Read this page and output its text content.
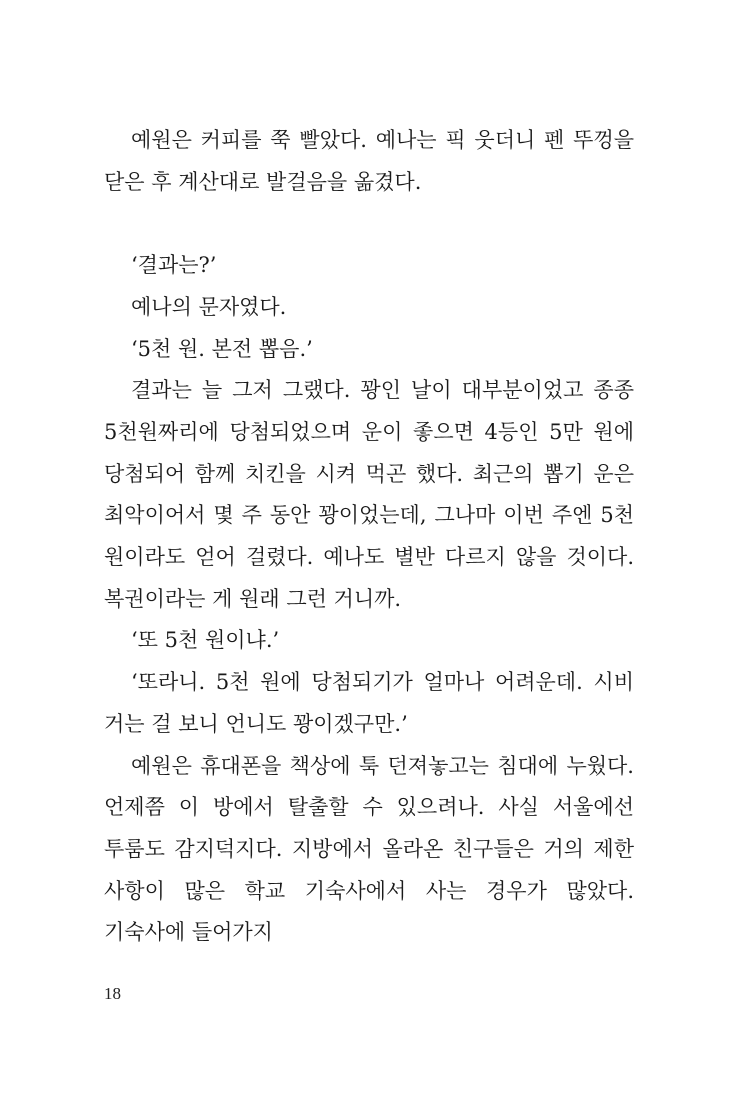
예원은 커피를 쭉 빨았다. 예나는 픽 웃더니 펜 뚜껑을 닫은 후 계산대로 발걸음을 옮겼다.

‘결과는?’

예나의 문자였다.

‘5천 원. 본전 뽑음.’

결과는 늘 그저 그랬다. 꽝인 날이 대부분이었고 종종 5천원짜리에 당첨되었으며 운이 좋으면 4등인 5만 원에 당첨되어 함께 치킨을 시켜 먹곤 했다. 최근의 뽑기 운은 최악이어서 몇 주 동안 꽝이었는데, 그나마 이번 주엔 5천 원이라도 얻어 걸렸다. 예나도 별반 다르지 않을 것이다. 복권이라는 게 원래 그런 거니까.

‘또 5천 원이냐.’

‘또라니. 5천 원에 당첨되기가 얼마나 어려운데. 시비 거는 걸 보니 언니도 꽝이겠구만.’

예원은 휴대폰을 책상에 툭 던져놓고는 침대에 누웠다. 언제쯤 이 방에서 탈출할 수 있으려나. 사실 서울에선 투룸도 감지덕지다. 지방에서 올라온 친구들은 거의 제한 사항이 많은 학교 기숙사에서 사는 경우가 많았다. 기숙사에 들어가지

18
